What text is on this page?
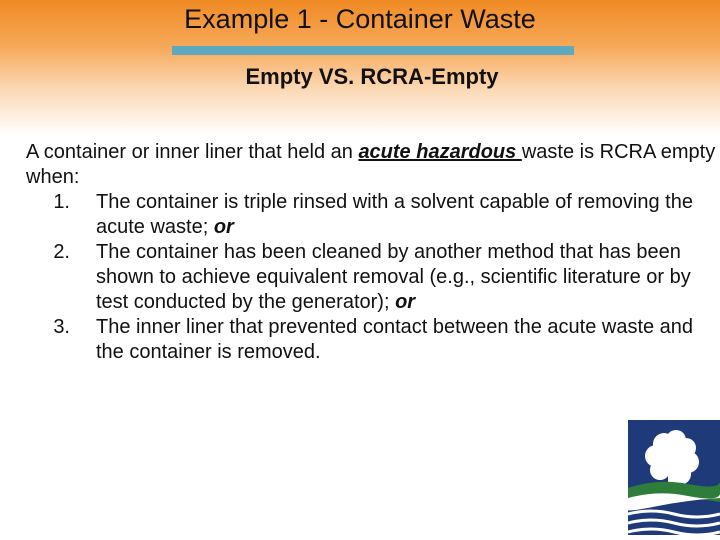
Example 1 - Container Waste
Empty VS. RCRA-Empty

A container or inner liner that held an acute hazardous waste is RCRA empty when:

1. The container is triple rinsed with a solvent capable of removing the acute waste; or
2. The container has been cleaned by another method that has been shown to achieve equivalent removal (e.g., scientific literature or by test conducted by the generator); or
3. The inner liner that prevented contact between the acute waste and the container is removed.
